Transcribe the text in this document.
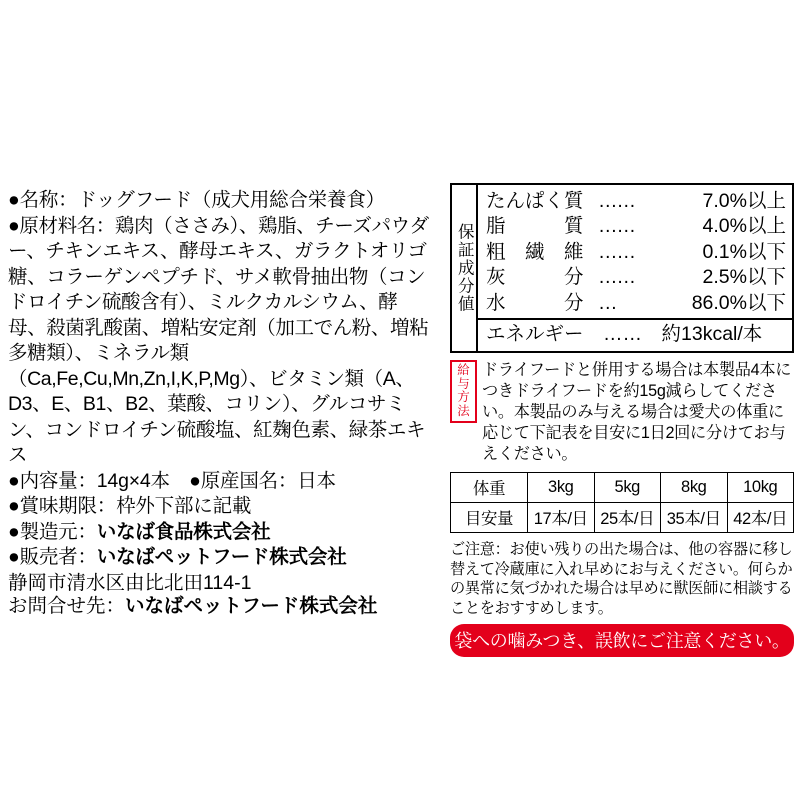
●名称：ドッグフード（成犬用総合栄養食）
●原材料名：鶏肉（ささみ）、鶏脂、チーズパウダー、チキンエキス、酵母エキス、ガラクトオリゴ糖、コラーゲンペプチド、サメ軟骨抽出物（コンドロイチン硫酸含有）、ミルクカルシウム、酵母、殺菌乳酸菌、増粘安定剤（加工でん粉、増粘多糖類）、ミネラル類（Ca,Fe,Cu,Mn,Zn,I,K,P,Mg）、ビタミン類（A、D3、E、B1、B2、葉酸、コリン）、グルコサミン、コンドロイチン硫酸塩、紅麹色素、緑茶エキス
●内容量：14g×4本　●原産国名：日本
●賞味期限：枠外下部に記載
●製造元：いなば食品株式会社
●販売者：いなばペットフード株式会社
静岡市清水区由比北田114-1
お問合せ先：いなばペットフード株式会社
保証成分値
たんぱく質 ……	7.0%以上
脂　　　質 ……	4.0%以上
粗　繊　維 ……	0.1%以下
灰　　　分 ……	2.5%以下
水　　　分 …	86.0%以下
エネルギー　……　約13kcal/本
給与方法
ドライフードと併用する場合は本製品4本につきドライフードを約15g減らしてください。本製品のみ与える場合は愛犬の体重に応じて下記表を目安に1日2回に分けてお与えください。
体重	3kg	5kg	8kg	10kg
目安量	17本/日	25本/日	35本/日	42本/日
ご注意：お使い残りの出た場合は、他の容器に移し替えて冷蔵庫に入れ早めにお与えください。何らかの異常に気づかれた場合は早めに獣医師に相談することをおすすめします。
袋への噛みつき、誤飲にご注意ください。
